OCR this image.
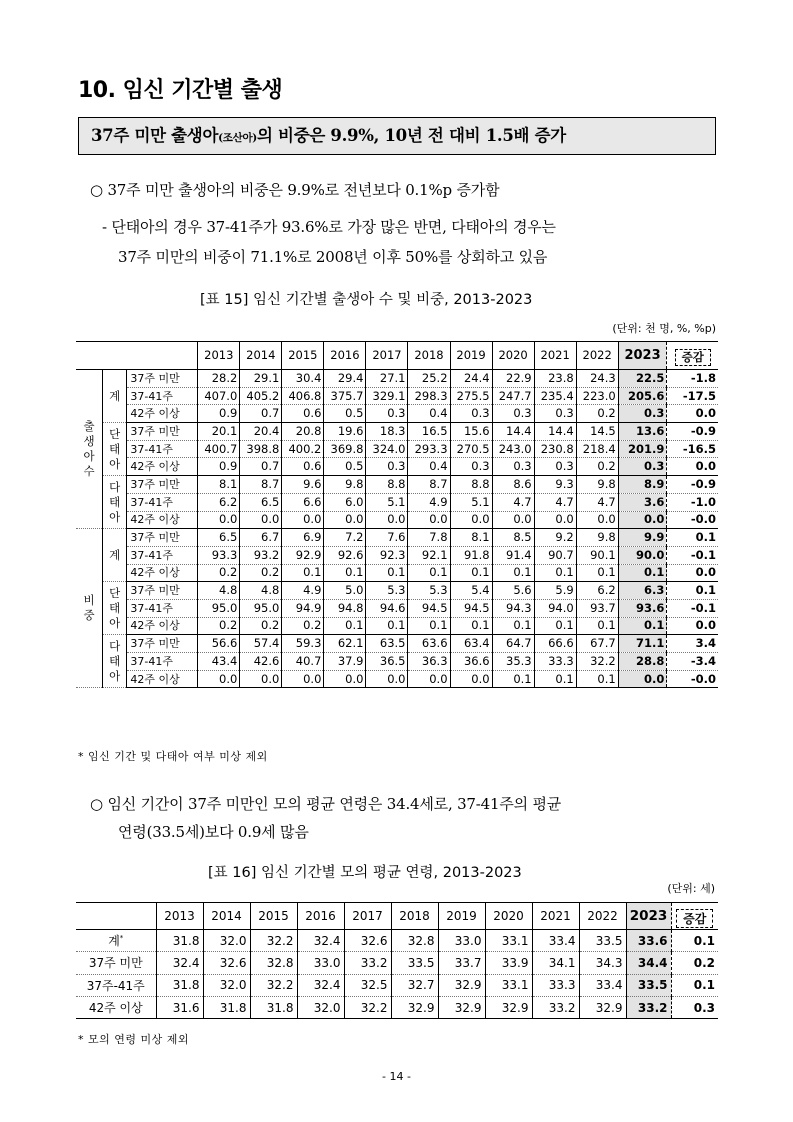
10. 임신 기간별 출생
37주 미만 출생아(조산아)의 비중은 9.9%, 10년 전 대비 1.5배 증가
○ 37주 미만 출생아의 비중은 9.9%로 전년보다 0.1%p 증가함
- 단태아의 경우 37-41주가 93.6%로 가장 많은 반면, 다태아의 경우는
37주 미만의 비중이 71.1%로 2008년 이후 50%를 상회하고 있음
[표 15] 임신 기간별 출생아 수 및 비중, 2013-2023
(단위: 천 명, %, %p)
			2013	2014	2015	2016	2017	2018	2019	2020	2021	2022	2023	증감
출생아수	계	37주 미만	28.2	29.1	30.4	29.4	27.1	25.2	24.4	22.9	23.8	24.3	22.5	-1.8
		37-41주	407.0	405.2	406.8	375.7	329.1	298.3	275.5	247.7	235.4	223.0	205.6	-17.5
		42주 이상	0.9	0.7	0.6	0.5	0.3	0.4	0.3	0.3	0.3	0.2	0.3	0.0
	단태아	37주 미만	20.1	20.4	20.8	19.6	18.3	16.5	15.6	14.4	14.4	14.5	13.6	-0.9
		37-41주	400.7	398.8	400.2	369.8	324.0	293.3	270.5	243.0	230.8	218.4	201.9	-16.5
		42주 이상	0.9	0.7	0.6	0.5	0.3	0.4	0.3	0.3	0.3	0.2	0.3	0.0
	다태아	37주 미만	8.1	8.7	9.6	9.8	8.8	8.7	8.8	8.6	9.3	9.8	8.9	-0.9
		37-41주	6.2	6.5	6.6	6.0	5.1	4.9	5.1	4.7	4.7	4.7	3.6	-1.0
		42주 이상	0.0	0.0	0.0	0.0	0.0	0.0	0.0	0.0	0.0	0.0	0.0	-0.0
비중	계	37주 미만	6.5	6.7	6.9	7.2	7.6	7.8	8.1	8.5	9.2	9.8	9.9	0.1
		37-41주	93.3	93.2	92.9	92.6	92.3	92.1	91.8	91.4	90.7	90.1	90.0	-0.1
		42주 이상	0.2	0.2	0.1	0.1	0.1	0.1	0.1	0.1	0.1	0.1	0.1	0.0
	단태아	37주 미만	4.8	4.8	4.9	5.0	5.3	5.3	5.4	5.6	5.9	6.2	6.3	0.1
		37-41주	95.0	95.0	94.9	94.8	94.6	94.5	94.5	94.3	94.0	93.7	93.6	-0.1
		42주 이상	0.2	0.2	0.2	0.1	0.1	0.1	0.1	0.1	0.1	0.1	0.1	0.0
	다태아	37주 미만	56.6	57.4	59.3	62.1	63.5	63.6	63.4	64.7	66.6	67.7	71.1	3.4
		37-41주	43.4	42.6	40.7	37.9	36.5	36.3	36.6	35.3	33.3	32.2	28.8	-3.4
		42주 이상	0.0	0.0	0.0	0.0	0.0	0.0	0.0	0.1	0.1	0.1	0.0	-0.0
* 임신 기간 및 다태아 여부 미상 제외
○ 임신 기간이 37주 미만인 모의 평균 연령은 34.4세로, 37-41주의 평균
연령(33.5세)보다 0.9세 많음
[표 16] 임신 기간별 모의 평균 연령, 2013-2023
(단위: 세)
	2013	2014	2015	2016	2017	2018	2019	2020	2021	2022	2023	증감
계*	31.8	32.0	32.2	32.4	32.6	32.8	33.0	33.1	33.4	33.5	33.6	0.1
37주 미만	32.4	32.6	32.8	33.0	33.2	33.5	33.7	33.9	34.1	34.3	34.4	0.2
37주-41주	31.8	32.0	32.2	32.4	32.5	32.7	32.9	33.1	33.3	33.4	33.5	0.1
42주 이상	31.6	31.8	31.8	32.0	32.2	32.9	32.9	32.9	33.2	32.9	33.2	0.3
* 모의 연령 미상 제외
- 14 -
